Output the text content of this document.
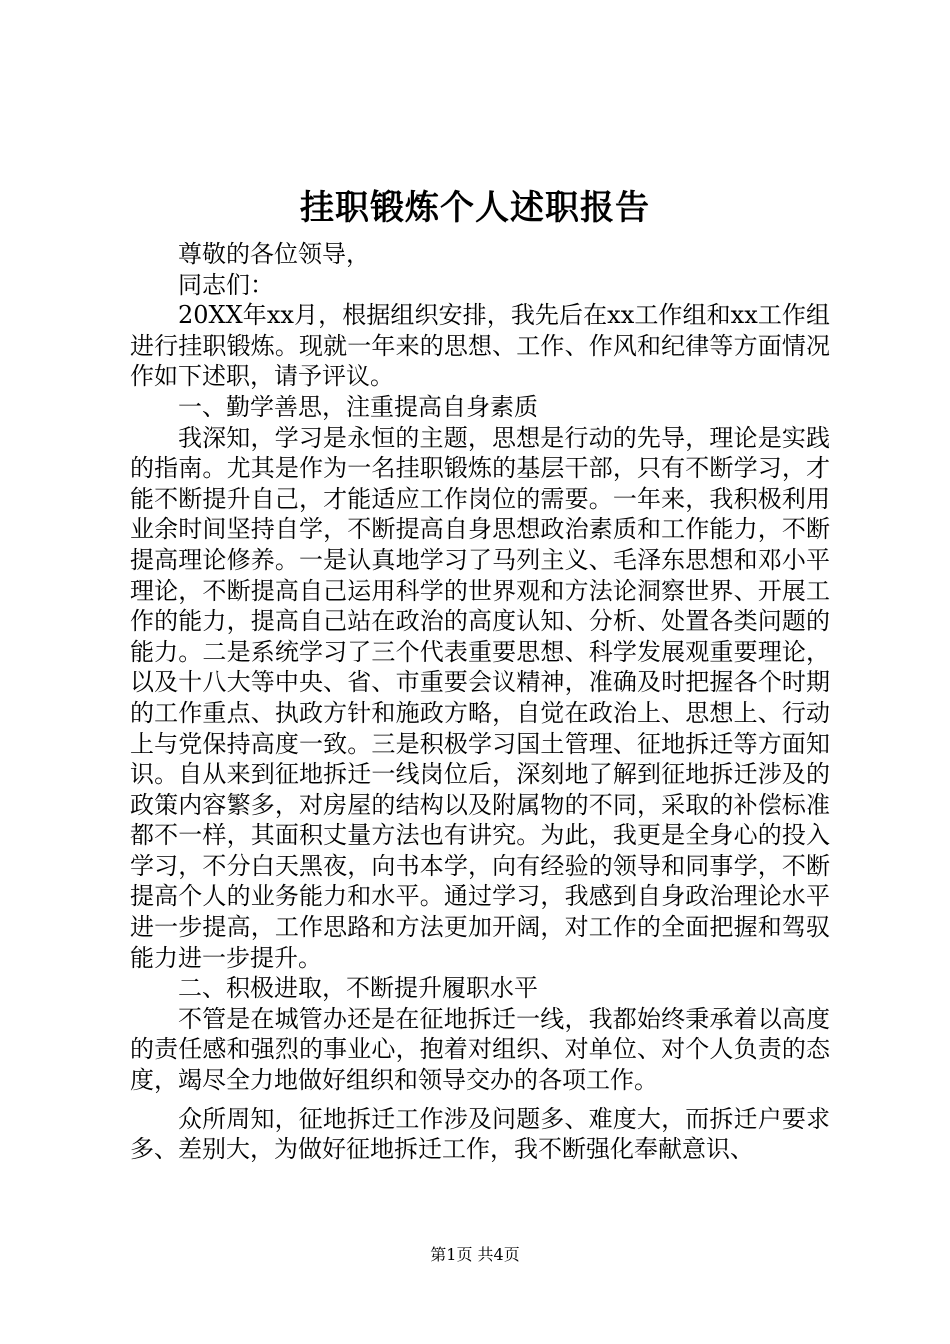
挂职锻炼个人述职报告

尊敬的各位领导，

同志们：

20XX年xx月，根据组织安排，我先后在xx工作组和xx工作组进行挂职锻炼。现就一年来的思想、工作、作风和纪律等方面情况作如下述职，请予评议。

一、勤学善思，注重提高自身素质

我深知，学习是永恒的主题，思想是行动的先导，理论是实践的指南。尤其是作为一名挂职锻炼的基层干部，只有不断学习，才能不断提升自己，才能适应工作岗位的需要。一年来，我积极利用业余时间坚持自学，不断提高自身思想政治素质和工作能力，不断提高理论修养。一是认真地学习了马列主义、毛泽东思想和邓小平理论，不断提高自己运用科学的世界观和方法论洞察世界、开展工作的能力，提高自己站在政治的高度认知、分析、处置各类问题的能力。二是系统学习了三个代表重要思想、科学发展观重要理论，以及十八大等中央、省、市重要会议精神，准确及时把握各个时期的工作重点、执政方针和施政方略，自觉在政治上、思想上、行动上与党保持高度一致。三是积极学习国土管理、征地拆迁等方面知识。自从来到征地拆迁一线岗位后，深刻地了解到征地拆迁涉及的政策内容繁多，对房屋的结构以及附属物的不同，采取的补偿标准都不一样，其面积丈量方法也有讲究。为此，我更是全身心的投入学习，不分白天黑夜，向书本学，向有经验的领导和同事学，不断提高个人的业务能力和水平。通过学习，我感到自身政治理论水平进一步提高，工作思路和方法更加开阔，对工作的全面把握和驾驭能力进一步提升。

二、积极进取，不断提升履职水平

不管是在城管办还是在征地拆迁一线，我都始终秉承着以高度的责任感和强烈的事业心，抱着对组织、对单位、对个人负责的态度，竭尽全力地做好组织和领导交办的各项工作。

众所周知，征地拆迁工作涉及问题多、难度大，而拆迁户要求多、差别大，为做好征地拆迁工作，我不断强化奉献意识、

第1页 共4页
